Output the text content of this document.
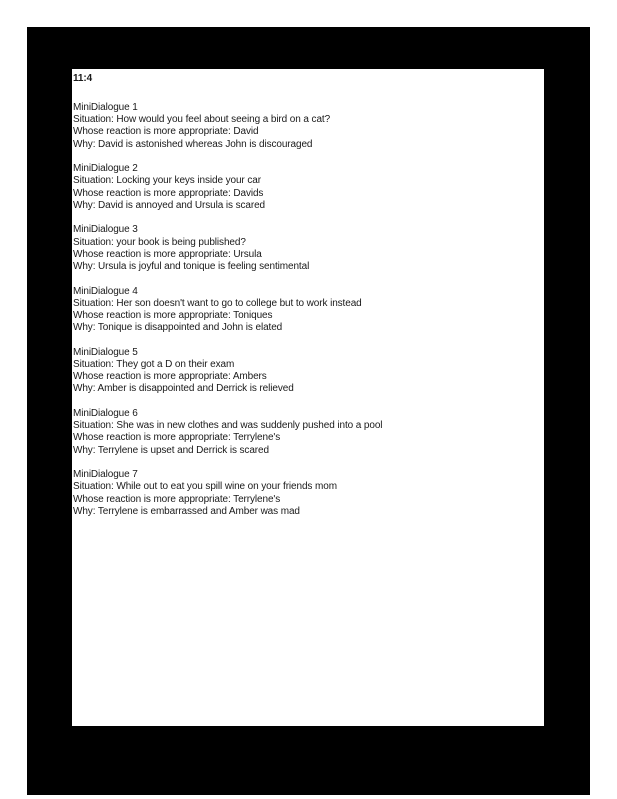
11:4
MiniDialogue 1
Situation: How would you feel about seeing a bird on a cat?
Whose reaction is more appropriate: David
Why: David is astonished whereas John is discouraged
MiniDialogue 2
Situation: Locking your keys inside your car
Whose reaction is more appropriate: Davids
Why: David is annoyed and Ursula is scared
MiniDialogue 3
Situation: your book is being published?
Whose reaction is more appropriate: Ursula
Why: Ursula is joyful and tonique is feeling sentimental
MiniDialogue 4
Situation: Her son doesn't want to go to college but to work instead
Whose reaction is more appropriate: Toniques
Why: Tonique is disappointed and John is elated
MiniDialogue 5
Situation: They got a D on their exam
Whose reaction is more appropriate: Ambers
Why: Amber is disappointed and Derrick is relieved
MiniDialogue 6
Situation: She was in new clothes and was suddenly pushed into a pool
Whose reaction is more appropriate: Terrylene's
Why: Terrylene is upset and Derrick is scared
MiniDialogue 7
Situation: While out to eat you spill wine on your friends mom
Whose reaction is more appropriate: Terrylene's
Why: Terrylene is embarrassed and Amber was mad
